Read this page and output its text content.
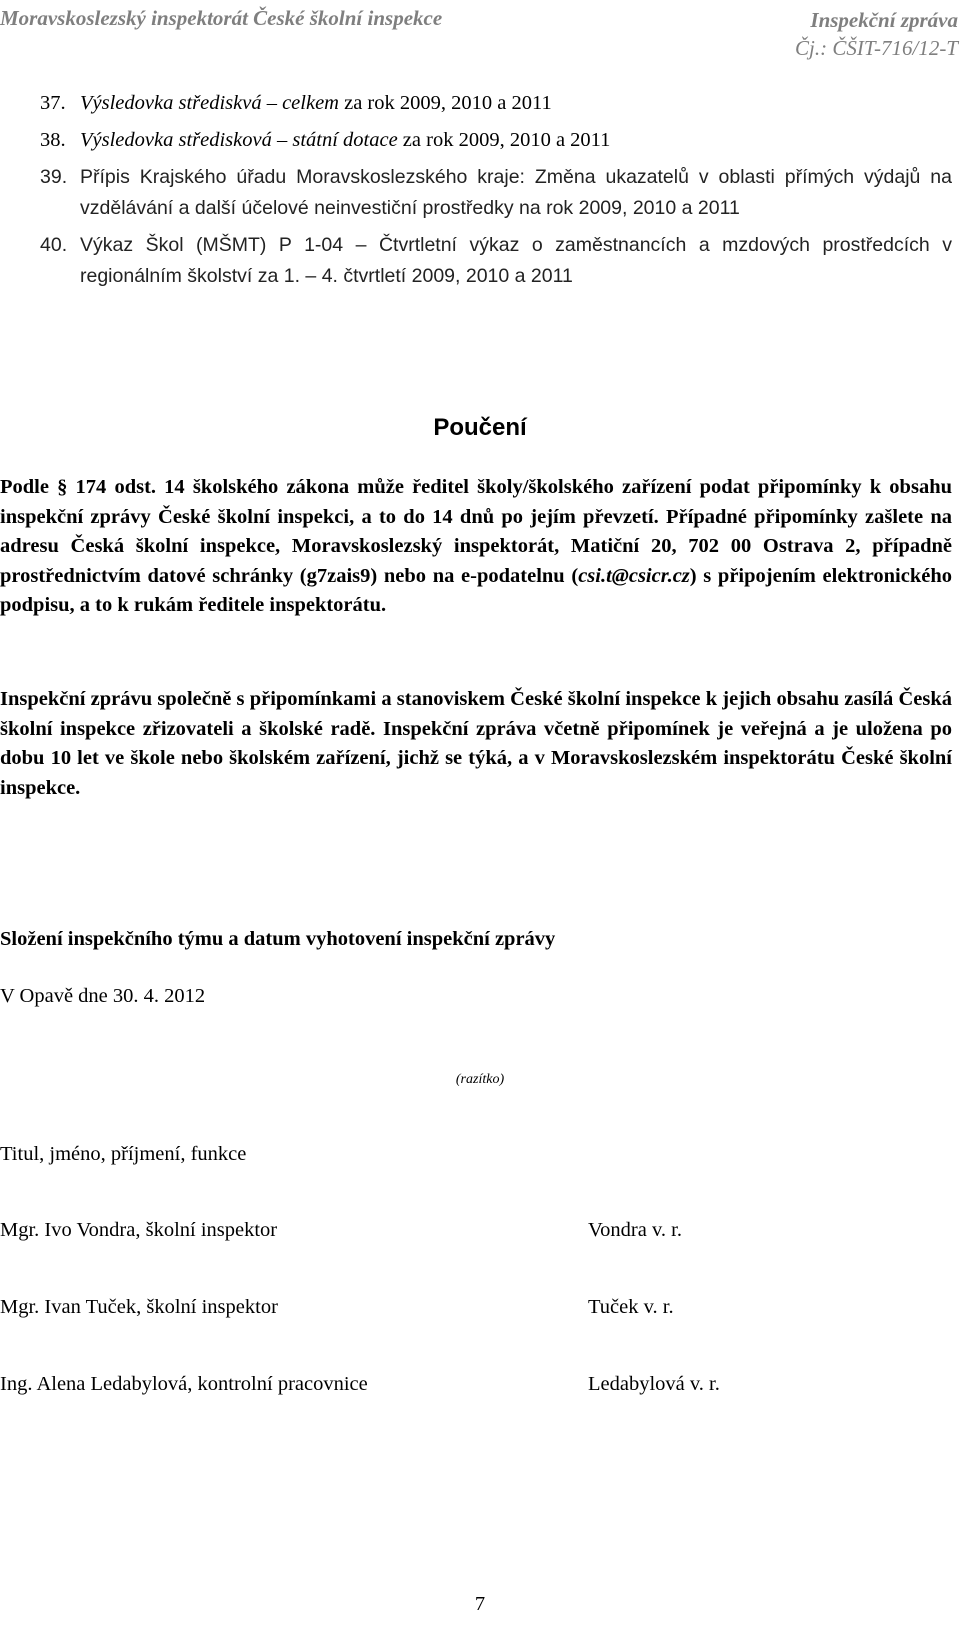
Moravskoslezský inspektorát České školní inspekce	Inspekční zpráva
Čj.: ČŠIT-716/12-T
37. Výsledovka střediskvá – celkem za rok 2009, 2010 a 2011
38. Výsledovka středisková – státní dotace za rok 2009, 2010 a 2011
39. Přípis Krajského úřadu Moravskoslezského kraje: Změna ukazatelů v oblasti přímých výdajů na vzdělávání a další účelové neinvestiční prostředky na rok 2009, 2010 a 2011
40. Výkaz Škol (MŠMT) P 1-04 – Čtvrtletní výkaz o zaměstnancích a mzdových prostředcích v regionálním školství za 1. – 4. čtvrtletí 2009, 2010 a 2011
Poučení
Podle § 174 odst. 14 školského zákona může ředitel školy/školského zařízení podat připomínky k obsahu inspekční zprávy České školní inspekci, a to do 14 dnů po jejím převzetí. Případné připomínky zašlete na adresu Česká školní inspekce, Moravskoslezský inspektorát, Matiční 20, 702 00 Ostrava 2, případně prostřednictvím datové schránky (g7zais9) nebo na e-podatelnu (csi.t@csicr.cz) s připojením elektronického podpisu, a to k rukám ředitele inspektorátu.
Inspekční zprávu společně s připomínkami a stanoviskem České školní inspekce k jejich obsahu zasílá Česká školní inspekce zřizovateli a školské radě. Inspekční zpráva včetně připomínek je veřejná a je uložena po dobu 10 let ve škole nebo školském zařízení, jichž se týká, a v Moravskoslezském inspektorátu České školní inspekce.
Složení inspekčního týmu a datum vyhotovení inspekční zprávy
V Opavě dne 30. 4. 2012
(razítko)
Titul, jméno, příjmení, funkce
Mgr. Ivo Vondra, školní inspektor	Vondra v. r.
Mgr. Ivan Tuček, školní inspektor	Tuček v. r.
Ing. Alena Ledabylová, kontrolní pracovnice	Ledabylová v. r.
7
